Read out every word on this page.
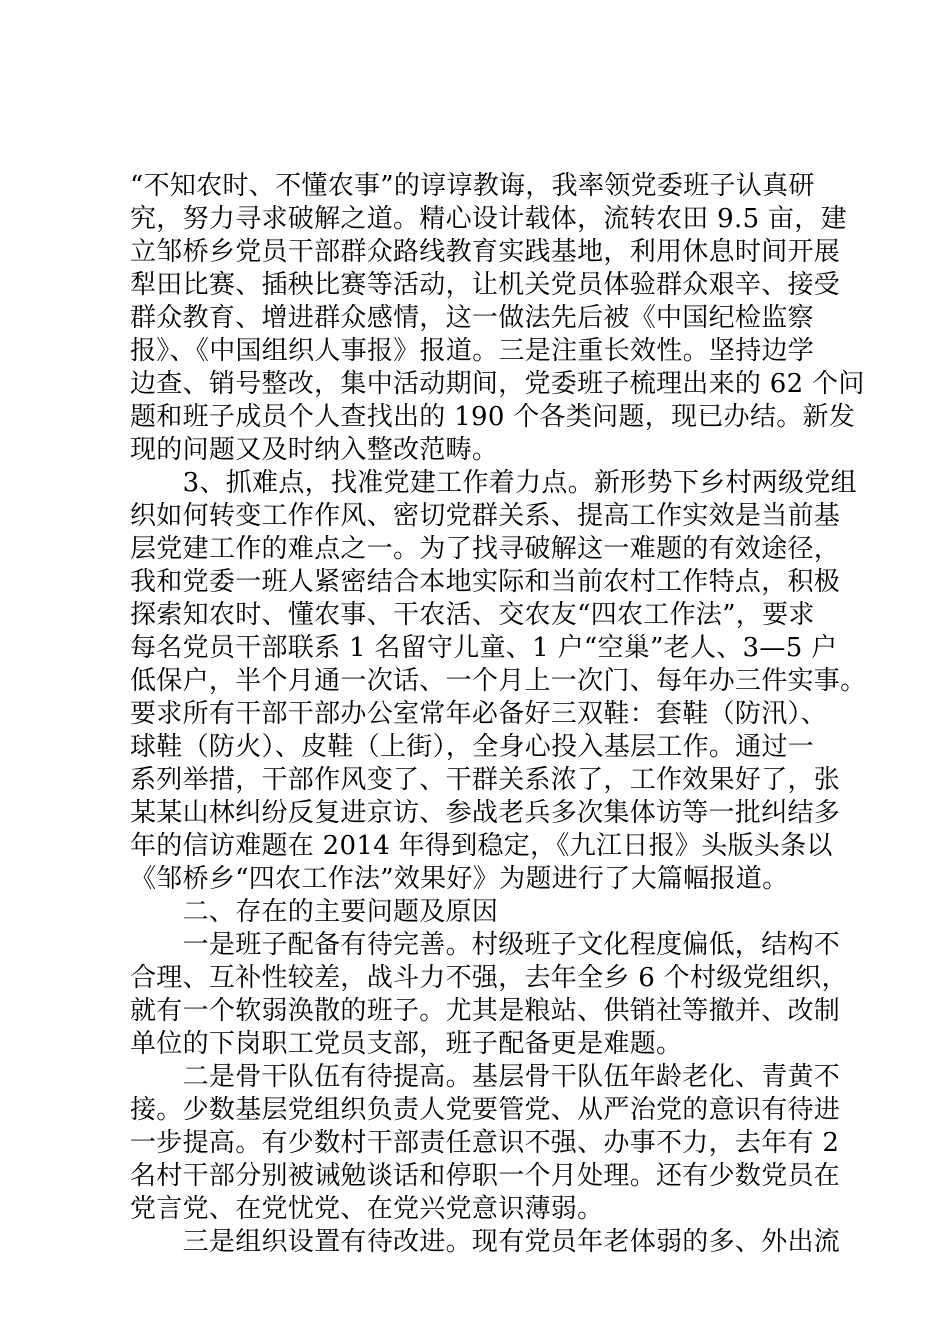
“不知农时、不懂农事”的谆谆教诲，我率领党委班子认真研
究，努力寻求破解之道。精心设计载体，流转农田 9.5 亩，建
立邹桥乡党员干部群众路线教育实践基地，利用休息时间开展
犁田比赛、插秧比赛等活动，让机关党员体验群众艰辛、接受
群众教育、增进群众感情，这一做法先后被《中国纪检监察
报》、《中国组织人事报》报道。三是注重长效性。坚持边学
边查、销号整改，集中活动期间，党委班子梳理出来的 62 个问
题和班子成员个人查找出的 190 个各类问题，现已办结。新发
现的问题又及时纳入整改范畴。
　　3、抓难点，找准党建工作着力点。新形势下乡村两级党组
织如何转变工作作风、密切党群关系、提高工作实效是当前基
层党建工作的难点之一。为了找寻破解这一难题的有效途径，
我和党委一班人紧密结合本地实际和当前农村工作特点，积极
探索知农时、懂农事、干农活、交农友“四农工作法”，要求
每名党员干部联系 1 名留守儿童、1 户“空巢”老人、3—5 户
低保户，半个月通一次话、一个月上一次门、每年办三件实事。
要求所有干部干部办公室常年必备好三双鞋：套鞋（防汛）、
球鞋（防火）、皮鞋（上街），全身心投入基层工作。通过一
系列举措，干部作风变了、干群关系浓了，工作效果好了，张
某某山林纠纷反复进京访、参战老兵多次集体访等一批纠结多
年的信访难题在 2014 年得到稳定，《九江日报》头版头条以
《邹桥乡“四农工作法”效果好》为题进行了大篇幅报道。
　　二、存在的主要问题及原因
　　一是班子配备有待完善。村级班子文化程度偏低，结构不
合理、互补性较差，战斗力不强，去年全乡 6 个村级党组织，
就有一个软弱涣散的班子。尤其是粮站、供销社等撤并、改制
单位的下岗职工党员支部，班子配备更是难题。
　　二是骨干队伍有待提高。基层骨干队伍年龄老化、青黄不
接。少数基层党组织负责人党要管党、从严治党的意识有待进
一步提高。有少数村干部责任意识不强、办事不力，去年有 2
名村干部分别被诫勉谈话和停职一个月处理。还有少数党员在
党言党、在党忧党、在党兴党意识薄弱。
　　三是组织设置有待改进。现有党员年老体弱的多、外出流
